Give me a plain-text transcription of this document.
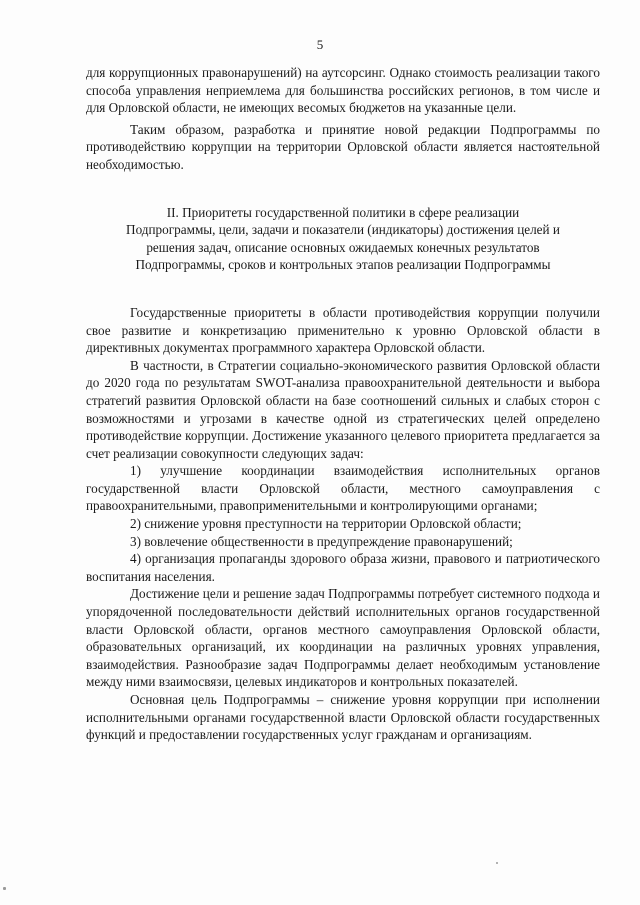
5

для коррупционных правонарушений) на аутсорсинг. Однако стоимость реализации такого способа управления неприемлема для большинства российских регионов, в том числе и для Орловской области, не имеющих весомых бюджетов на указанные цели.

Таким образом, разработка и принятие новой редакции Подпрограммы по противодействию коррупции на территории Орловской области является настоятельной необходимостью.

II. Приоритеты государственной политики в сфере реализации Подпрограммы, цели, задачи и показатели (индикаторы) достижения целей и решения задач, описание основных ожидаемых конечных результатов Подпрограммы, сроков и контрольных этапов реализации Подпрограммы

Государственные приоритеты в области противодействия коррупции получили свое развитие и конкретизацию применительно к уровню Орловской области в директивных документах программного характера Орловской области.

В частности, в Стратегии социально-экономического развития Орловской области до 2020 года по результатам SWOT-анализа правоохранительной деятельности и выбора стратегий развития Орловской области на базе соотношений сильных и слабых сторон с возможностями и угрозами в качестве одной из стратегических целей определено противодействие коррупции. Достижение указанного целевого приоритета предлагается за счет реализации совокупности следующих задач:

1) улучшение координации взаимодействия исполнительных органов государственной власти Орловской области, местного самоуправления с правоохранительными, правоприменительными и контролирующими органами;

2) снижение уровня преступности на территории Орловской области;

3) вовлечение общественности в предупреждение правонарушений;

4) организация пропаганды здорового образа жизни, правового и патриотического воспитания населения.

Достижение цели и решение задач Подпрограммы потребует системного подхода и упорядоченной последовательности действий исполнительных органов государственной власти Орловской области, органов местного самоуправления Орловской области, образовательных организаций, их координации на различных уровнях управления, взаимодействия. Разнообразие задач Подпрограммы делает необходимым установление между ними взаимосвязи, целевых индикаторов и контрольных показателей.

Основная цель Подпрограммы – снижение уровня коррупции при исполнении исполнительными органами государственной власти Орловской области государственных функций и предоставлении государственных услуг гражданам и организациям.
